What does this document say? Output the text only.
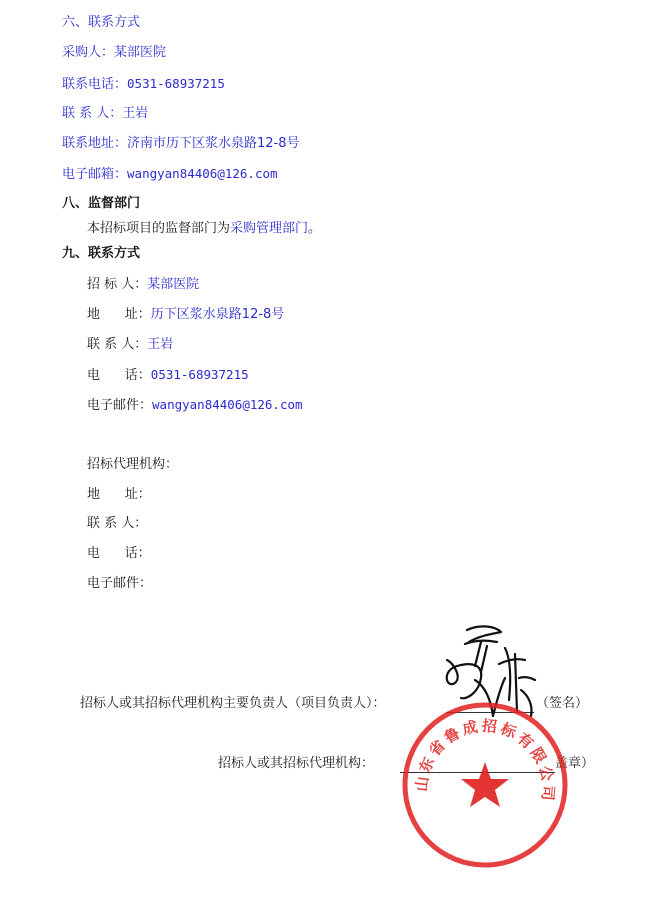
六、联系方式
采购人：某部医院
联系电话：0531-68937215
联 系 人：王岩
联系地址：济南市历下区浆水泉路12-8号
电子邮箱：wangyan84406@126.com
八、监督部门
本招标项目的监督部门为采购管理部门。
九、联系方式
招 标 人：某部医院
地      址：历下区浆水泉路12-8号
联 系 人：王岩
电      话：0531-68937215
电子邮件：wangyan84406@126.com
招标代理机构：
地      址：
联 系 人：
电      话：
电子邮件：
招标人或其招标代理机构主要负责人（项目负责人）：	（签名）
招标人或其招标代理机构：	盖章）
山东省鲁成招标有限公司
